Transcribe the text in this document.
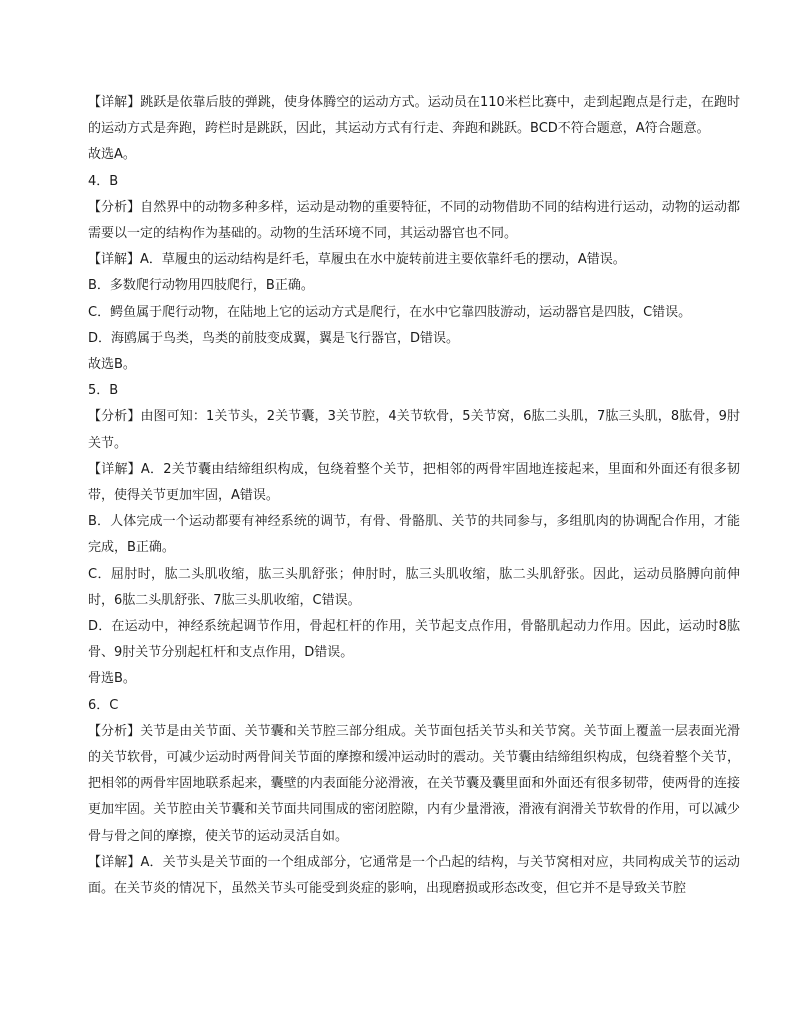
【详解】跳跃是依靠后肢的弹跳，使身体腾空的运动方式。运动员在110米栏比赛中，走到起跑点是行走，在跑时的运动方式是奔跑，跨栏时是跳跃，因此，其运动方式有行走、奔跑和跳跃。BCD不符合题意，A符合题意。

故选A。

4．B

【分析】自然界中的动物多种多样，运动是动物的重要特征，不同的动物借助不同的结构进行运动，动物的运动都需要以一定的结构作为基础的。动物的生活环境不同，其运动器官也不同。

【详解】A．草履虫的运动结构是纤毛，草履虫在水中旋转前进主要依靠纤毛的摆动，A错误。

B．多数爬行动物用四肢爬行，B正确。

C．鳄鱼属于爬行动物，在陆地上它的运动方式是爬行，在水中它靠四肢游动，运动器官是四肢，C错误。

D．海鸥属于鸟类，鸟类的前肢变成翼，翼是飞行器官，D错误。

故选B。

5．B

【分析】由图可知：1关节头，2关节囊，3关节腔，4关节软骨，5关节窝，6肱二头肌，7肱三头肌，8肱骨，9肘关节。

【详解】A．2关节囊由结缔组织构成，包绕着整个关节，把相邻的两骨牢固地连接起来，里面和外面还有很多韧带，使得关节更加牢固，A错误。

B．人体完成一个运动都要有神经系统的调节，有骨、骨骼肌、关节的共同参与，多组肌肉的协调配合作用，才能完成，B正确。

C．屈肘时，肱二头肌收缩，肱三头肌舒张；伸肘时，肱三头肌收缩，肱二头肌舒张。因此，运动员胳膊向前伸时，6肱二头肌舒张、7肱三头肌收缩，C错误。

D．在运动中，神经系统起调节作用，骨起杠杆的作用，关节起支点作用，骨骼肌起动力作用。因此，运动时8肱骨、9肘关节分别起杠杆和支点作用，D错误。

骨选B。

6．C

【分析】关节是由关节面、关节囊和关节腔三部分组成。关节面包括关节头和关节窝。关节面上覆盖一层表面光滑的关节软骨，可减少运动时两骨间关节面的摩擦和缓冲运动时的震动。关节囊由结缔组织构成，包绕着整个关节，把相邻的两骨牢固地联系起来，囊壁的内表面能分泌滑液，在关节囊及囊里面和外面还有很多韧带，使两骨的连接更加牢固。关节腔由关节囊和关节面共同围成的密闭腔隙，内有少量滑液，滑液有润滑关节软骨的作用，可以减少骨与骨之间的摩擦，使关节的运动灵活自如。

【详解】A．关节头是关节面的一个组成部分，它通常是一个凸起的结构，与关节窝相对应，共同构成关节的运动面。在关节炎的情况下，虽然关节头可能受到炎症的影响，出现磨损或形态改变，但它并不是导致关节腔
